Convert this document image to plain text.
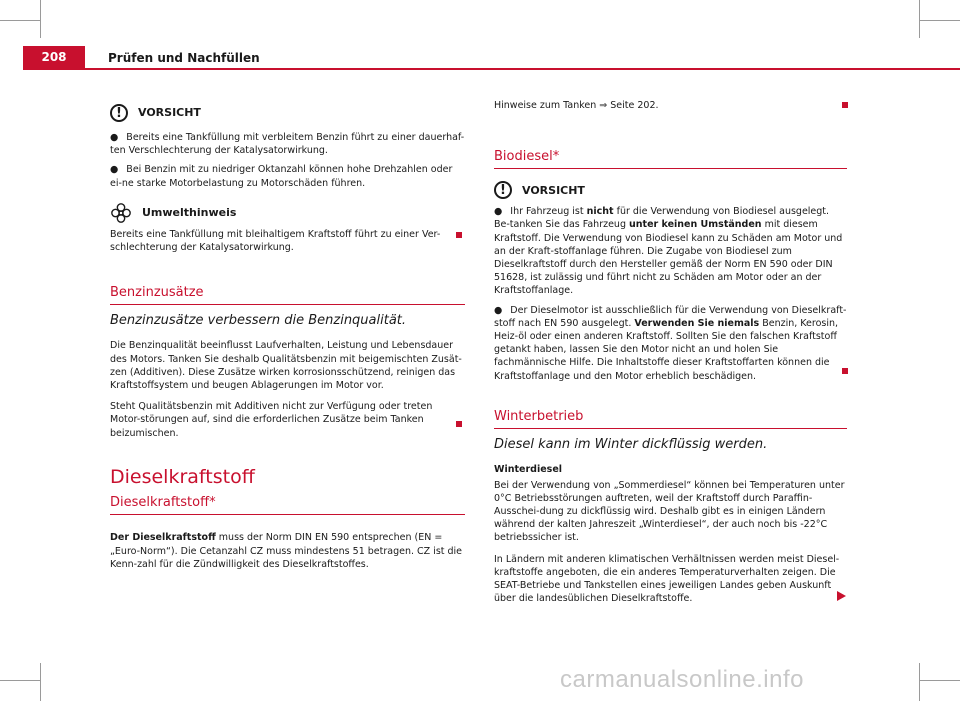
208	Prüfen und Nachfüllen
!	VORSICHT

● Bereits eine Tankfüllung mit verbleitem Benzin führt zu einer dauerhaf-ten Verschlechterung der Katalysatorwirkung.

● Bei Benzin mit zu niedriger Oktanzahl können hohe Drehzahlen oder ei-ne starke Motorbelastung zu Motorschäden führen.

Umwelthinweis

Bereits eine Tankfüllung mit bleihaltigem Kraftstoff führt zu einer Ver-schlechterung der Katalysatorwirkung.

Benzinzusätze
Benzinzusätze verbessern die Benzinqualität.

Die Benzinqualität beeinflusst Laufverhalten, Leistung und Lebensdauer des Motors. Tanken Sie deshalb Qualitätsbenzin mit beigemischten Zusät-zen (Additiven). Diese Zusätze wirken korrosionsschützend, reinigen das Kraftstoffsystem und beugen Ablagerungen im Motor vor.

Steht Qualitätsbenzin mit Additiven nicht zur Verfügung oder treten Motor-störungen auf, sind die erforderlichen Zusätze beim Tanken beizumischen.

Dieselkraftstoff
Dieselkraftstoff*

Der Dieselkraftstoff muss der Norm DIN EN 590 entsprechen (EN = „Euro-Norm“). Die Cetanzahl CZ muss mindestens 51 betragen. CZ ist die Kenn-zahl für die Zündwilligkeit des Dieselkraftstoffes.

Hinweise zum Tanken ⇒ Seite 202.

Biodiesel*
!	VORSICHT

● Ihr Fahrzeug ist nicht für die Verwendung von Biodiesel ausgelegt. Be-tanken Sie das Fahrzeug unter keinen Umständen mit diesem Kraftstoff. Die Verwendung von Biodiesel kann zu Schäden am Motor und an der Kraft-stoffanlage führen. Die Zugabe von Biodiesel zum Dieselkraftstoff durch den Hersteller gemäß der Norm EN 590 oder DIN 51628, ist zulässig und führt nicht zu Schäden am Motor oder an der Kraftstoffanlage.

● Der Dieselmotor ist ausschließlich für die Verwendung von Dieselkraft-stoff nach EN 590 ausgelegt. Verwenden Sie niemals Benzin, Kerosin, Heiz-öl oder einen anderen Kraftstoff. Sollten Sie den falschen Kraftstoff getankt haben, lassen Sie den Motor nicht an und holen Sie fachmännische Hilfe. Die Inhaltstoffe dieser Kraftstoffarten können die Kraftstoffanlage und den Motor erheblich beschädigen.

Winterbetrieb
Diesel kann im Winter dickflüssig werden.

Winterdiesel

Bei der Verwendung von „Sommerdiesel“ können bei Temperaturen unter 0°C Betriebsstörungen auftreten, weil der Kraftstoff durch Paraffin-Ausschei-dung zu dickflüssig wird. Deshalb gibt es in einigen Ländern während der kalten Jahreszeit „Winterdiesel“, der auch noch bis -22°C betriebssicher ist.

In Ländern mit anderen klimatischen Verhältnissen werden meist Diesel-kraftstoffe angeboten, die ein anderes Temperaturverhalten zeigen. Die SEAT-Betriebe und Tankstellen eines jeweiligen Landes geben Auskunft über die landesüblichen Dieselkraftstoffe.

carmanualsonline.info
